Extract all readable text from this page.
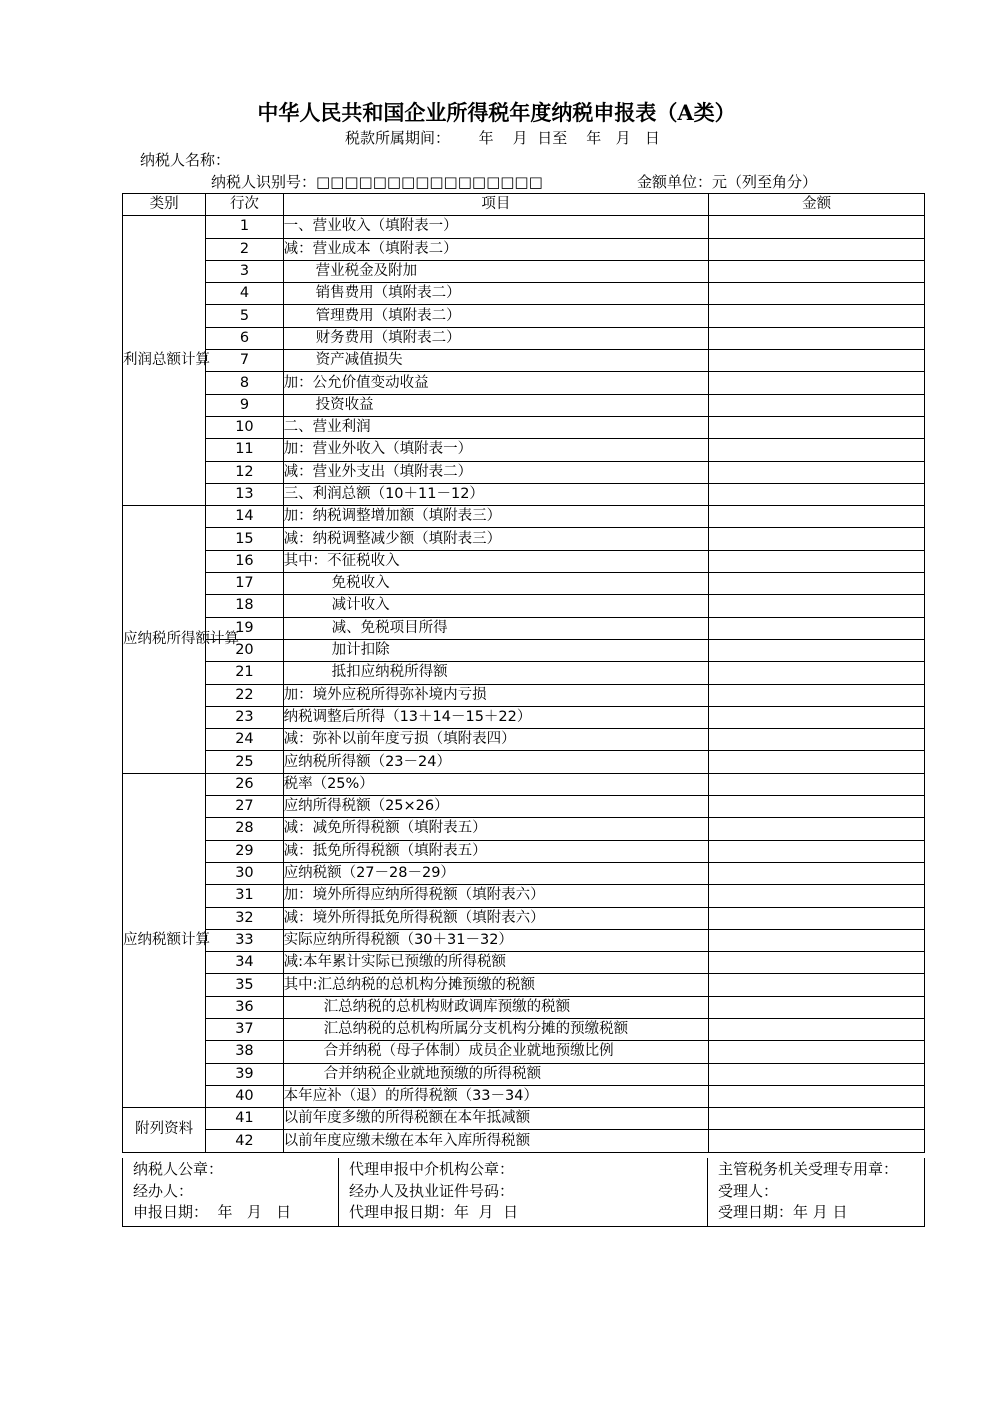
中华人民共和国企业所得税年度纳税申报表（A类）
税款所属期间：      年    月  日至    年   月   日
纳税人名称：
纳税人识别号：□□□□□□□□□□□□□□□□	金额单位：元（列至角分）
类别	行次	项目	金额
利润总额计算	1	一、营业收入（填附表一）	
	2	减：营业成本（填附表二）	
	3	营业税金及附加	
	4	销售费用（填附表二）	
	5	管理费用（填附表二）	
	6	财务费用（填附表二）	
	7	资产减值损失	
	8	加：公允价值变动收益	
	9	投资收益	
	10	二、营业利润	
	11	加：营业外收入（填附表一）	
	12	减：营业外支出（填附表二）	
	13	三、利润总额（10＋11－12）	
应纳税所得额计算	14	加：纳税调整增加额（填附表三）	
	15	减：纳税调整减少额（填附表三）	
	16	其中：不征税收入	
	17	免税收入	
	18	减计收入	
	19	减、免税项目所得	
	20	加计扣除	
	21	抵扣应纳税所得额	
	22	加：境外应税所得弥补境内亏损	
	23	纳税调整后所得（13＋14－15＋22）	
	24	减：弥补以前年度亏损（填附表四）	
	25	应纳税所得额（23－24）	
应纳税额计算	26	税率（25%）	
	27	应纳所得税额（25×26）	
	28	减：减免所得税额（填附表五）	
	29	减：抵免所得税额（填附表五）	
	30	应纳税额（27－28－29）	
	31	加：境外所得应纳所得税额（填附表六）	
	32	减：境外所得抵免所得税额（填附表六）	
	33	实际应纳所得税额（30＋31－32）	
	34	减:本年累计实际已预缴的所得税额	
	35	其中:汇总纳税的总机构分摊预缴的税额	
	36	汇总纳税的总机构财政调库预缴的税额	
	37	汇总纳税的总机构所属分支机构分摊的预缴税额	
	38	合并纳税（母子体制）成员企业就地预缴比例	
	39	合并纳税企业就地预缴的所得税额	
	40	本年应补（退）的所得税额（33－34）	
附列资料	41	以前年度多缴的所得税额在本年抵减额	
	42	以前年度应缴未缴在本年入库所得税额	
纳税人公章：
经办人：
申报日期：  年   月   日

代理申报中介机构公章：
经办人及执业证件号码：
代理申报日期：年  月  日

主管税务机关受理专用章：
受理人：
受理日期：年 月 日
